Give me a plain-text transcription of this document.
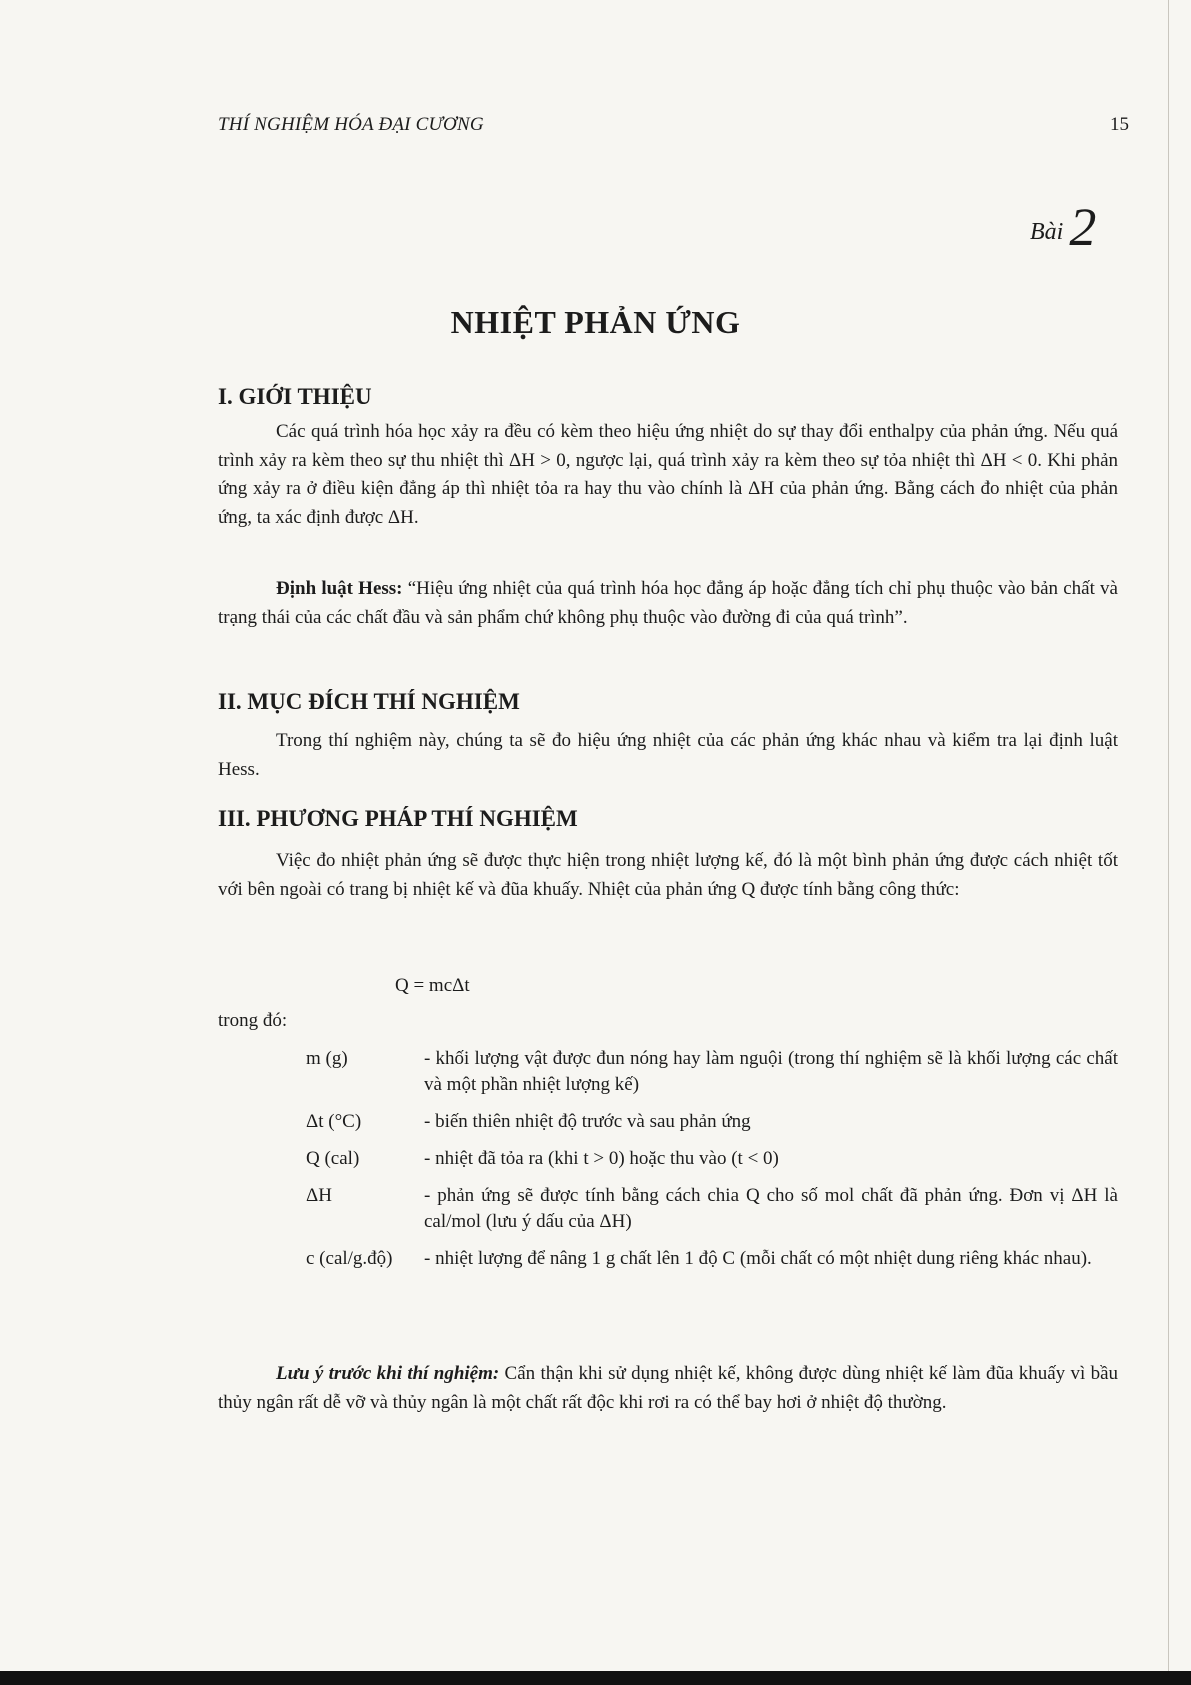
THÍ NGHIỆM HÓA ĐẠI CƯƠNG	15
Bài 2
NHIỆT PHẢN ỨNG
I. GIỚI THIỆU
Các quá trình hóa học xảy ra đều có kèm theo hiệu ứng nhiệt do sự thay đổi enthalpy của phản ứng. Nếu quá trình xảy ra kèm theo sự thu nhiệt thì ΔH > 0, ngược lại, quá trình xảy ra kèm theo sự tỏa nhiệt thì ΔH < 0. Khi phản ứng xảy ra ở điều kiện đẳng áp thì nhiệt tỏa ra hay thu vào chính là ΔH của phản ứng. Bằng cách đo nhiệt của phản ứng, ta xác định được ΔH.
Định luật Hess: “Hiệu ứng nhiệt của quá trình hóa học đẳng áp hoặc đẳng tích chỉ phụ thuộc vào bản chất và trạng thái của các chất đầu và sản phẩm chứ không phụ thuộc vào đường đi của quá trình”.
II. MỤC ĐÍCH THÍ NGHIỆM
Trong thí nghiệm này, chúng ta sẽ đo hiệu ứng nhiệt của các phản ứng khác nhau và kiểm tra lại định luật Hess.
III. PHƯƠNG PHÁP THÍ NGHIỆM
Việc đo nhiệt phản ứng sẽ được thực hiện trong nhiệt lượng kế, đó là một bình phản ứng được cách nhiệt tốt với bên ngoài có trang bị nhiệt kế và đũa khuấy. Nhiệt của phản ứng Q được tính bằng công thức:
Q = mcΔt
trong đó:
m (g)	- khối lượng vật được đun nóng hay làm nguội (trong thí nghiệm sẽ là khối lượng các chất và một phần nhiệt lượng kế)
Δt (°C)	- biến thiên nhiệt độ trước và sau phản ứng
Q (cal)	- nhiệt đã tỏa ra (khi t > 0) hoặc thu vào (t < 0)
ΔH	- phản ứng sẽ được tính bằng cách chia Q cho số mol chất đã phản ứng. Đơn vị ΔH là cal/mol (lưu ý dấu của ΔH)
c (cal/g.độ)	- nhiệt lượng để nâng 1 g chất lên 1 độ C (mỗi chất có một nhiệt dung riêng khác nhau).
Lưu ý trước khi thí nghiệm: Cẩn thận khi sử dụng nhiệt kế, không được dùng nhiệt kế làm đũa khuấy vì bầu thủy ngân rất dễ vỡ và thủy ngân là một chất rất độc khi rơi ra có thể bay hơi ở nhiệt độ thường.
